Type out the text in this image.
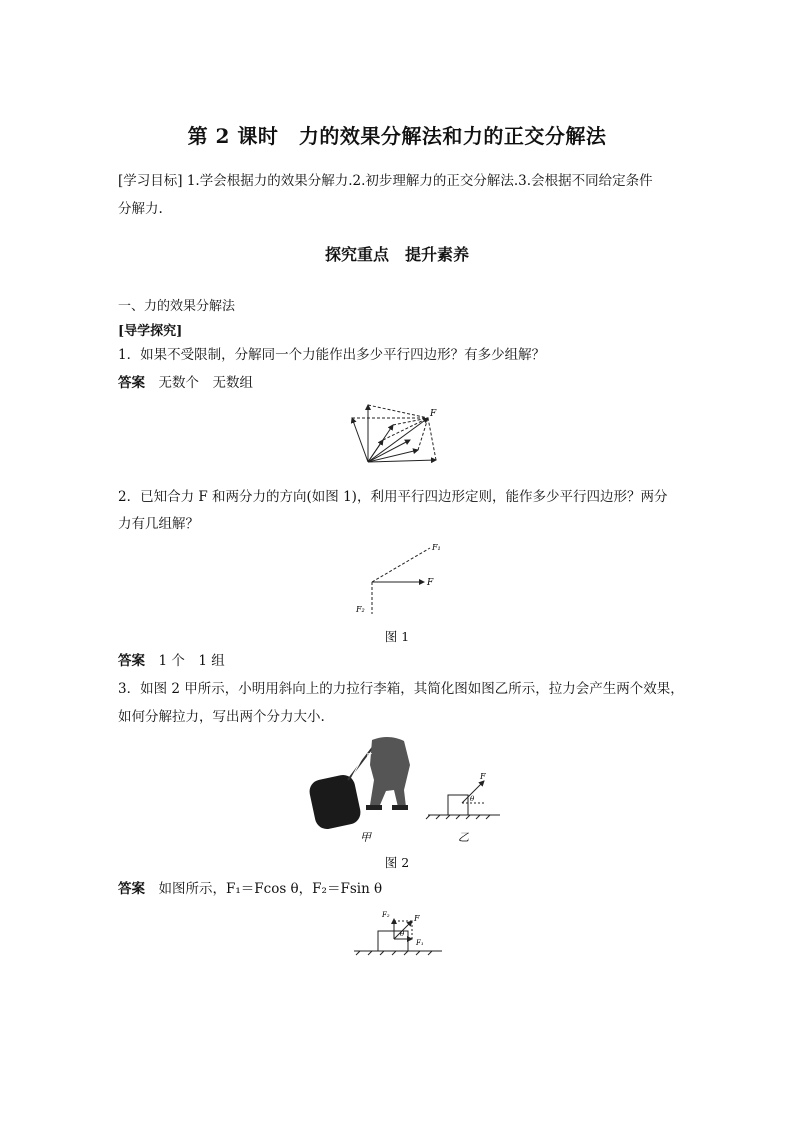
第 2 课时　力的效果分解法和力的正交分解法
[学习目标] 1.学会根据力的效果分解力.2.初步理解力的正交分解法.3.会根据不同给定条件
分解力.
探究重点　提升素养
一、力的效果分解法
[导学探究]
1．如果不受限制，分解同一个力能作出多少平行四边形？有多少组解？
答案　 无数个　无数组
F
2．已知合力 F 和两分力的方向(如图 1)，利用平行四边形定则，能作多少平行四边形？两分
力有几组解？
F₁
F
F₂
图 1
答案　 1 个　1 组
3．如图 2 甲所示，小明用斜向上的力拉行李箱，其简化图如图乙所示，拉力会产生两个效果，
如何分解拉力，写出两个分力大小.
F
θ
甲
F
θ
乙
图 2
答案　 如图所示，F₁＝Fcos θ，F₂＝Fsin θ
F₂	F
θ
F₁
